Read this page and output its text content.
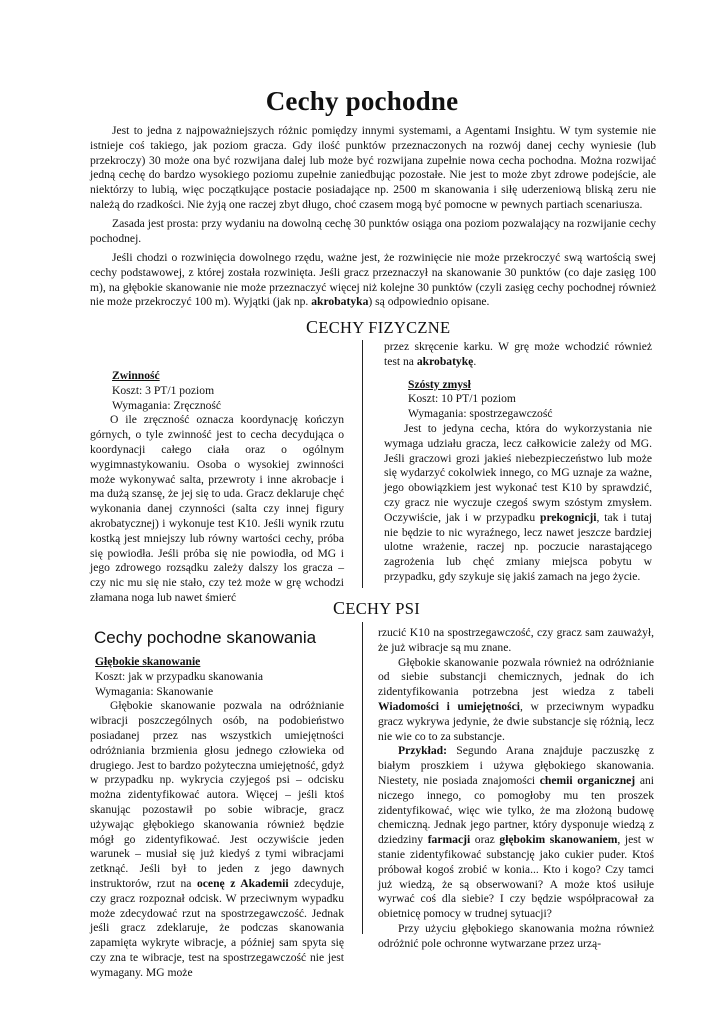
Cechy pochodne

Jest to jedna z najpoważniejszych różnic pomiędzy innymi systemami, a Agentami Insightu. W tym systemie nie istnieje coś takiego, jak poziom gracza. Gdy ilość punktów przeznaczonych na rozwój danej cechy wyniesie (lub przekroczy) 30 może ona być rozwijana dalej lub może być rozwijana zupełnie nowa cecha pochodna. Można rozwijać jedną cechę do bardzo wysokiego poziomu zupełnie zaniedbując pozostałe. Nie jest to może zbyt zdrowe podejście, ale niektórzy to lubią, więc początkujące postacie posiadające np. 2500 m skanowania i siłę uderzeniową bliską zeru nie należą do rzadkości. Nie żyją one raczej zbyt długo, choć czasem mogą być pomocne w pewnych partiach scenariusza.

Zasada jest prosta: przy wydaniu na dowolną cechę 30 punktów osiąga ona poziom pozwalający na rozwijanie cechy pochodnej.

Jeśli chodzi o rozwinięcia dowolnego rzędu, ważne jest, że rozwinięcie nie może przekroczyć swą wartością swej cechy podstawowej, z której została rozwinięta. Jeśli gracz przeznaczył na skanowanie 30 punktów (co daje zasięg 100 m), na głębokie skanowanie nie może przeznaczyć więcej niż kolejne 30 punktów (czyli zasięg cechy pochodnej również nie może przekroczyć 100 m). Wyjątki (jak np. akrobatyka) są odpowiednio opisane.

CECHY FIZYCZNE
Zwinność
Koszt: 3 PT/1 poziom
Wymagania: Zręczność
O ile zręczność oznacza koordynację kończyn górnych, o tyle zwinność jest to cecha decydująca o koordynacji całego ciała oraz o ogólnym wygimnastykowaniu. Osoba o wysokiej zwinności może wykonywać salta, przewroty i inne akrobacje i ma dużą szansę, że jej się to uda. Gracz deklaruje chęć wykonania danej czynności (salta czy innej figury akrobatycznej) i wykonuje test K10. Jeśli wynik rzutu kostką jest mniejszy lub równy wartości cechy, próba się powiodła. Jeśli próba się nie powiodła, od MG i jego zdrowego rozsądku zależy dalszy los gracza – czy nic mu się nie stało, czy też może w grę wchodzi złamana noga lub nawet śmierć
przez skręcenie karku. W grę może wchodzić również test na akrobatykę.
Szósty zmysł
Koszt: 10 PT/1 poziom
Wymagania: spostrzegawczość
Jest to jedyna cecha, która do wykorzystania nie wymaga udziału gracza, lecz całkowicie zależy od MG. Jeśli graczowi grozi jakieś niebezpieczeństwo lub może się wydarzyć cokolwiek innego, co MG uznaje za ważne, jego obowiązkiem jest wykonać test K10 by sprawdzić, czy gracz nie wyczuje czegoś swym szóstym zmysłem. Oczywiście, jak i w przypadku prekognicji, tak i tutaj nie będzie to nic wyraźnego, lecz nawet jeszcze bardziej ulotne wrażenie, raczej np. poczucie narastającego zagrożenia lub chęć zmiany miejsca pobytu w przypadku, gdy szykuje się jakiś zamach na jego życie.
CECHY PSI
Cechy pochodne skanowania
Głębokie skanowanie
Koszt: jak w przypadku skanowania
Wymagania: Skanowanie
Głębokie skanowanie pozwala na odróżnianie wibracji poszczególnych osób, na podobieństwo posiadanej przez nas wszystkich umiejętności odróżniania brzmienia głosu jednego człowieka od drugiego. Jest to bardzo pożyteczna umiejętność, gdyż w przypadku np. wykrycia czyjegoś psi – odcisku można zidentyfikować autora. Więcej – jeśli ktoś skanując pozostawił po sobie wibracje, gracz używając głębokiego skanowania również będzie mógł go zidentyfikować. Jest oczywiście jeden warunek – musiał się już kiedyś z tymi wibracjami zetknąć. Jeśli był to jeden z jego dawnych instruktorów, rzut na ocenę z Akademii zdecyduje, czy gracz rozpoznał odcisk. W przeciwnym wypadku może zdecydować rzut na spostrzegawczość. Jednak jeśli gracz zdeklaruje, że podczas skanowania zapamięta wykryte wibracje, a później sam spyta się czy zna te wibracje, test na spostrzegawczość nie jest wymagany. MG może
rzucić K10 na spostrzegawczość, czy gracz sam zauważył, że już wibracje są mu znane.
Głębokie skanowanie pozwala również na odróżnianie od siebie substancji chemicznych, jednak do ich zidentyfikowania potrzebna jest wiedza z tabeli Wiadomości i umiejętności, w przeciwnym wypadku gracz wykrywa jedynie, że dwie substancje się różnią, lecz nie wie co to za substancje.
Przykład: Segundo Arana znajduje paczuszkę z białym proszkiem i używa głębokiego skanowania. Niestety, nie posiada znajomości chemii organicznej ani niczego innego, co pomogłoby mu ten proszek zidentyfikować, więc wie tylko, że ma złożoną budowę chemiczną. Jednak jego partner, który dysponuje wiedzą z dziedziny farmacji oraz głębokim skanowaniem, jest w stanie zidentyfikować substancję jako cukier puder. Ktoś próbował kogoś zrobić w konia... Kto i kogo? Czy tamci już wiedzą, że są obserwowani? A może ktoś usiłuje wyrwać coś dla siebie? I czy będzie współpracował za obietnicę pomocy w trudnej sytuacji?
Przy użyciu głębokiego skanowania można również odróżnić pole ochronne wytwarzane przez urzą-
